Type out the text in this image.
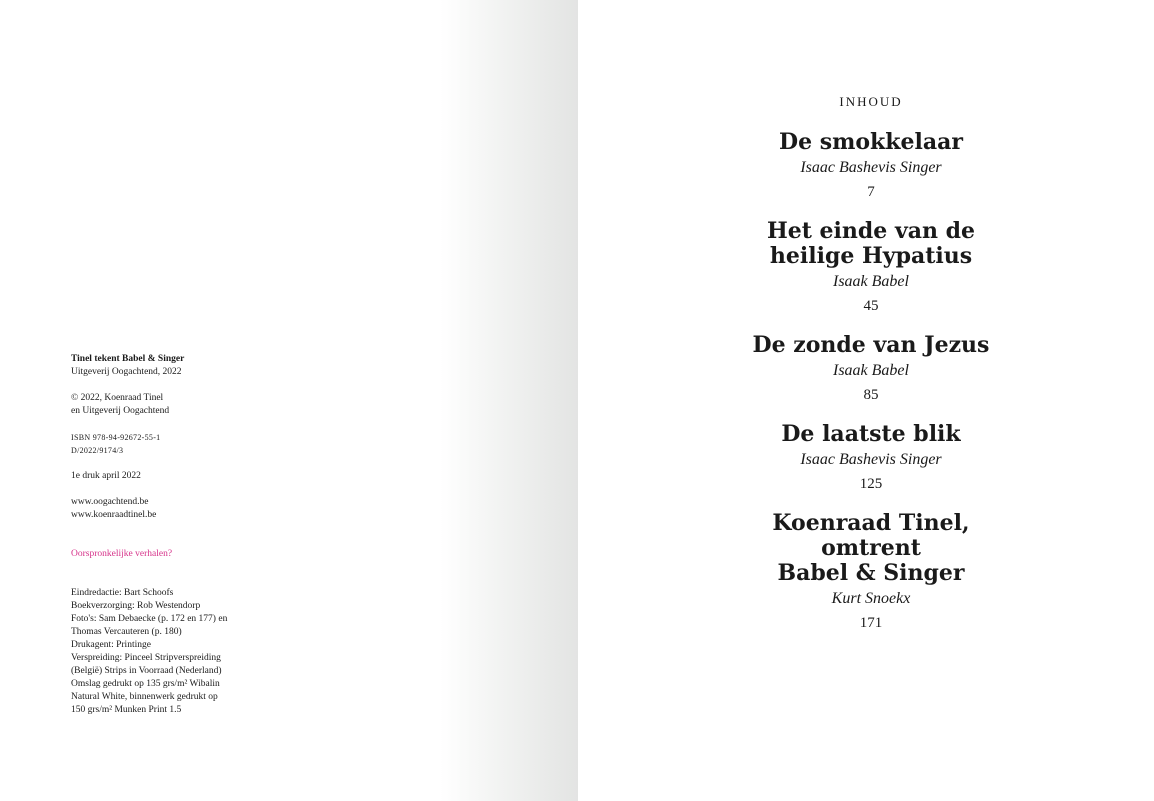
Tinel tekent Babel & Singer

Uitgeverij Oogachtend, 2022

© 2022, Koenraad Tinel

en Uitgeverij Oogachtend

ISBN 978-94-92672-55-1

D/2022/9174/3

1e druk april 2022

www.oogachtend.be

www.koenraadtinel.be

Oorspronkelijke verhalen?

Eindredactie: Bart Schoofs

Boekverzorging: Rob Westendorp

Foto's: Sam Debaecke (p. 172 en 177) en

Thomas Vercauteren (p. 180)

Drukagent: Printinge

Verspreiding: Pinceel Stripverspreiding

(België) Strips in Voorraad (Nederland)

Omslag gedrukt op 135 grs/m² Wibalin

Natural White, binnenwerk gedrukt op

150 grs/m² Munken Print 1.5

INHOUD

De smokkelaar

Isaac Bashevis Singer

7

Het einde van de
heilige Hypatius

Isaak Babel

45

De zonde van Jezus

Isaak Babel

85

De laatste blik

Isaac Bashevis Singer

125

Koenraad Tinel,
omtrent
Babel & Singer

Kurt Snoekx

171
